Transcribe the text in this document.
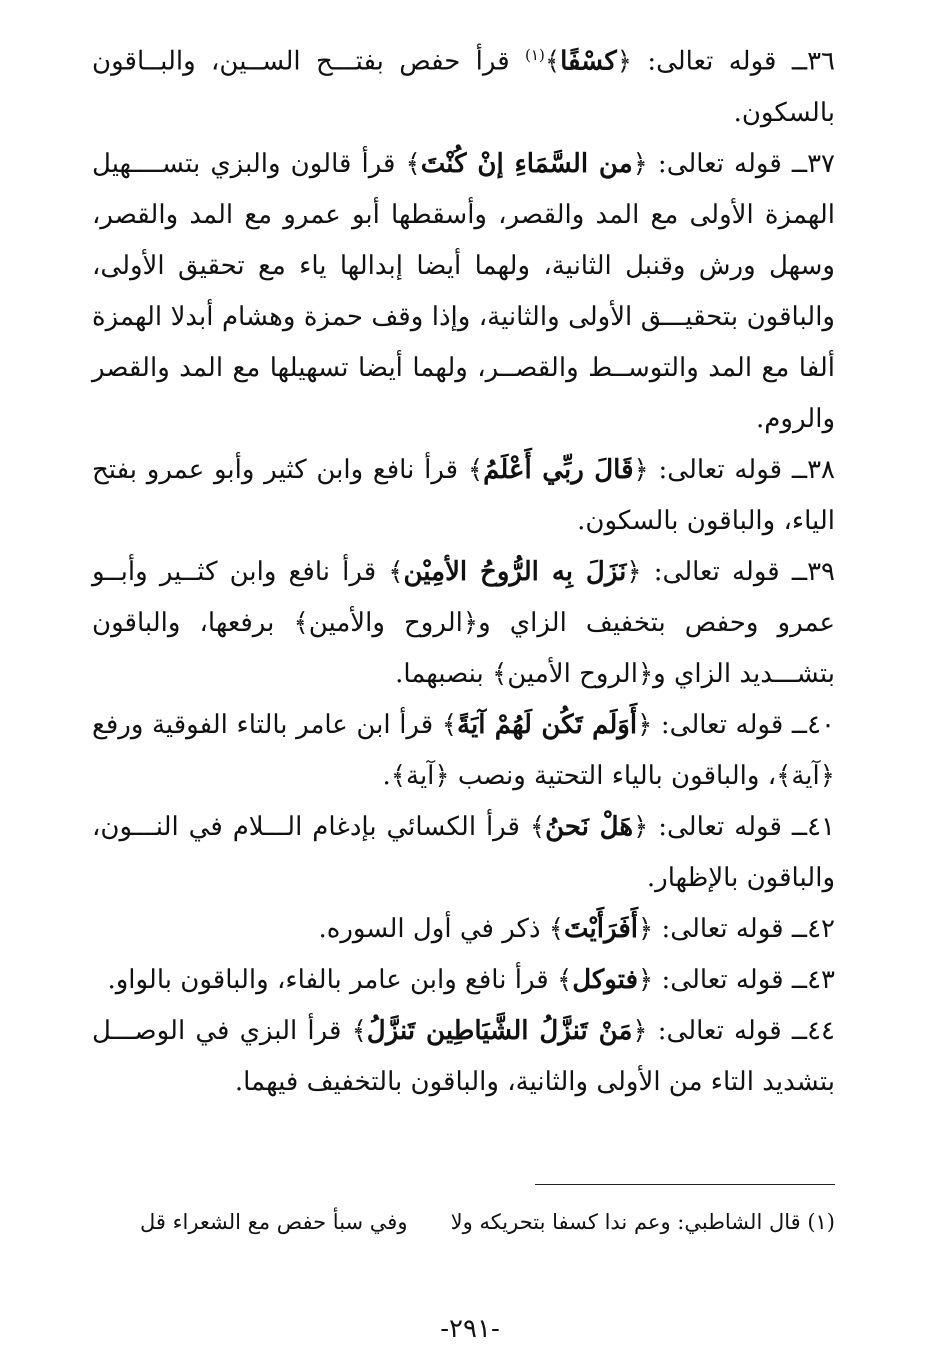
٣٦ــ قوله تعالى: ﴿كسْفًا﴾$^{(١)}$ قرأ حفص بفتـــح الســين، والبــاقون بالسكون.

٣٧ــ قوله تعالى: ﴿من السَّمَاءِ إنْ كُنْتَ﴾ قرأ قالون والبزي بتســــهيل الهمزة الأولى مع المد والقصر، وأسقطها أبو عمرو مع المد والقصر، وسهل ورش وقنبل الثانية، ولهما أيضا إبدالها ياء مع تحقيق الأولى، والباقون بتحقيـــق الأولى والثانية، وإذا وقف حمزة وهشام أبدلا الهمزة ألفا مع المد والتوســط والقصــر، ولهما أيضا تسهيلها مع المد والقصر والروم.

٣٨ــ قوله تعالى: ﴿قَالَ ربِّي أَعْلَمُ﴾ قرأ نافع وابن كثير وأبو عمرو بفتح الياء، والباقون بالسكون.

٣٩ــ قوله تعالى: ﴿نَزَلَ بِه الرُّوحُ الأمِيْن﴾ قرأ نافع وابن كثــير وأبــو عمرو وحفص بتخفيف الزاي و﴿الروح والأمين﴾ برفعها، والباقون بتشـــديد الزاي و﴿الروح الأمين﴾ بنصبهما.

٤٠ــ قوله تعالى: ﴿أَوَلَم تَكُن لَهُمْ آيَةً﴾ قرأ ابن عامر بالتاء الفوقية ورفع ﴿آية﴾، والباقون بالياء التحتية ونصب ﴿آية﴾.

٤١ــ قوله تعالى: ﴿هَلْ نَحنُ﴾ قرأ الكسائي بإدغام الـــلام في النـــون، والباقون بالإظهار.

٤٢ــ قوله تعالى: ﴿أَفَرَأَيْتَ﴾ ذكر في أول السوره.

٤٣ــ قوله تعالى: ﴿فتوكل﴾ قرأ نافع وابن عامر بالفاء، والباقون بالواو.

٤٤ــ قوله تعالى: ﴿مَنْ تَنزَّلُ الشَّيَاطِين تَنزَّلُ﴾ قرأ البزي في الوصـــل بتشديد التاء من الأولى والثانية، والباقون بالتخفيف فيهما.

(١) قال الشاطبي: وعم ندا كسفا بتحريكه ولا
وفي سبأ حفص مع الشعراء قل
-٢٩١-
